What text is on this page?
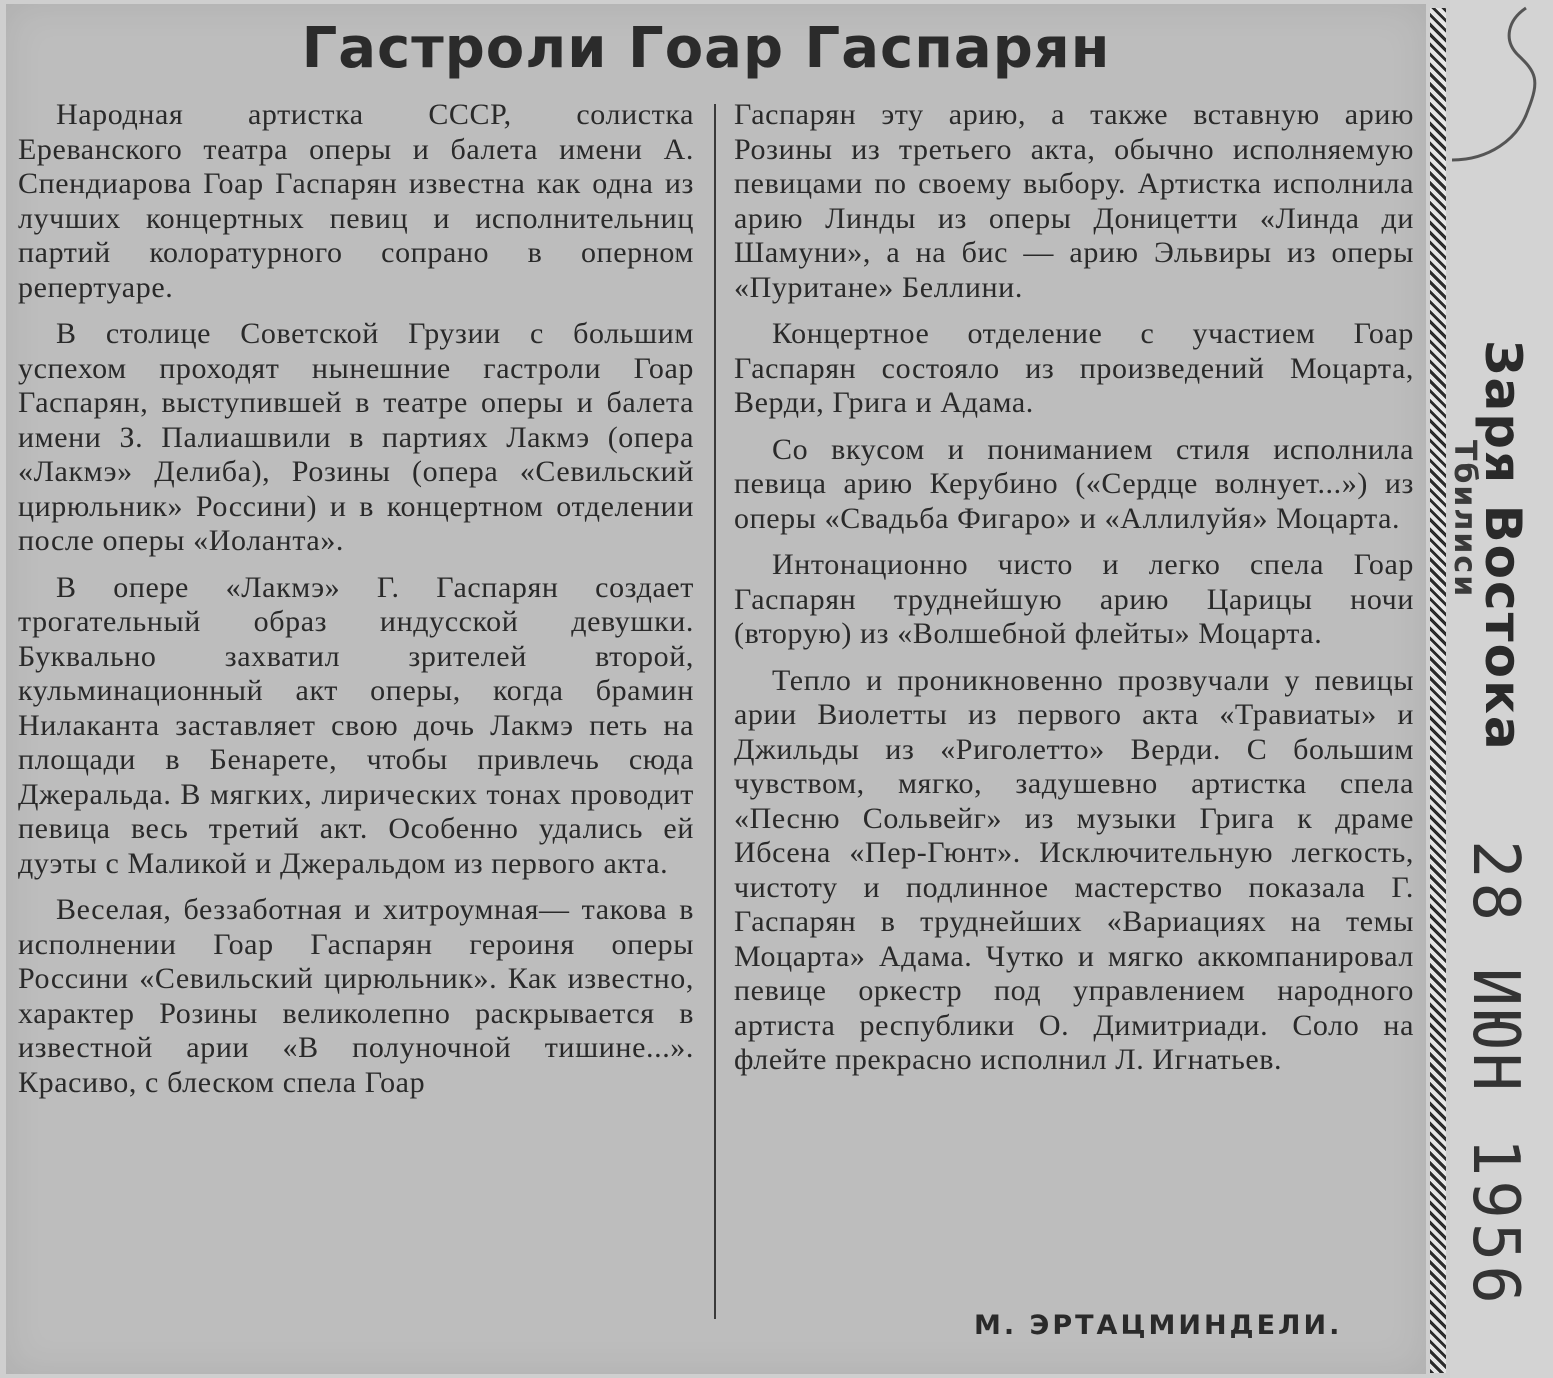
Гастроли Гоар Гаспарян

Народная артистка СССР, солистка Ереванского театра оперы и балета имени А. Спендиарова Гоар Гаспарян известна как одна из лучших концертных певиц и исполнительниц партий колоратурного сопрано в оперном репертуаре.

В столице Советской Грузии с большим успехом проходят нынешние гастроли Гоар Гаспарян, выступившей в театре оперы и балета имени З. Палиашвили в партиях Лакмэ (опера «Лакмэ» Делиба), Розины (опера «Севильский цирюльник» Россини) и в концертном отделении после оперы «Иоланта».

В опере «Лакмэ» Г. Гаспарян создает трогательный образ индусской девушки. Буквально захватил зрителей второй, кульминационный акт оперы, когда брамин Нилаканта заставляет свою дочь Лакмэ петь на площади в Бенарете, чтобы привлечь сюда Джеральда. В мягких, лирических тонах проводит певица весь третий акт. Особенно удались ей дуэты с Маликой и Джеральдом из первого акта.

Веселая, беззаботная и хитроумная— такова в исполнении Гоар Гаспарян героиня оперы Россини «Севильский цирюльник». Как известно, характер Розины великолепно раскрывается в известной арии «В полуночной тишине...». Красиво, с блеском спела Гоар

Гаспарян эту арию, а также вставную арию Розины из третьего акта, обычно исполняемую певицами по своему выбору. Артистка исполнила арию Линды из оперы Доницетти «Линда ди Шамуни», а на бис — арию Эльвиры из оперы «Пуритане» Беллини.

Концертное отделение с участием Гоар Гаспарян состояло из произведений Моцарта, Верди, Грига и Адама.

Со вкусом и пониманием стиля исполнила певица арию Керубино («Сердце волнует...») из оперы «Свадьба Фигаро» и «Аллилуйя» Моцарта.

Интонационно чисто и легко спела Гоар Гаспарян труднейшую арию Царицы ночи (вторую) из «Волшебной флейты» Моцарта.

Тепло и проникновенно прозвучали у певицы арии Виолетты из первого акта «Травиаты» и Джильды из «Риголетто» Верди. С большим чувством, мягко, задушевно артистка спела «Песню Сольвейг» из музыки Грига к драме Ибсена «Пер-Гюнт». Исключительную легкость, чистоту и подлинное мастерство показала Г. Гаспарян в труднейших «Вариациях на темы Моцарта» Адама. Чутко и мягко аккомпанировал певице оркестр под управлением народного артиста республики О. Димитриади. Соло на флейте прекрасно исполнил Л. Игнатьев.

М. ЭРТАЦМИНДЕЛИ.
Заря Востока
Тбилиси
28 ИЮН 1956
